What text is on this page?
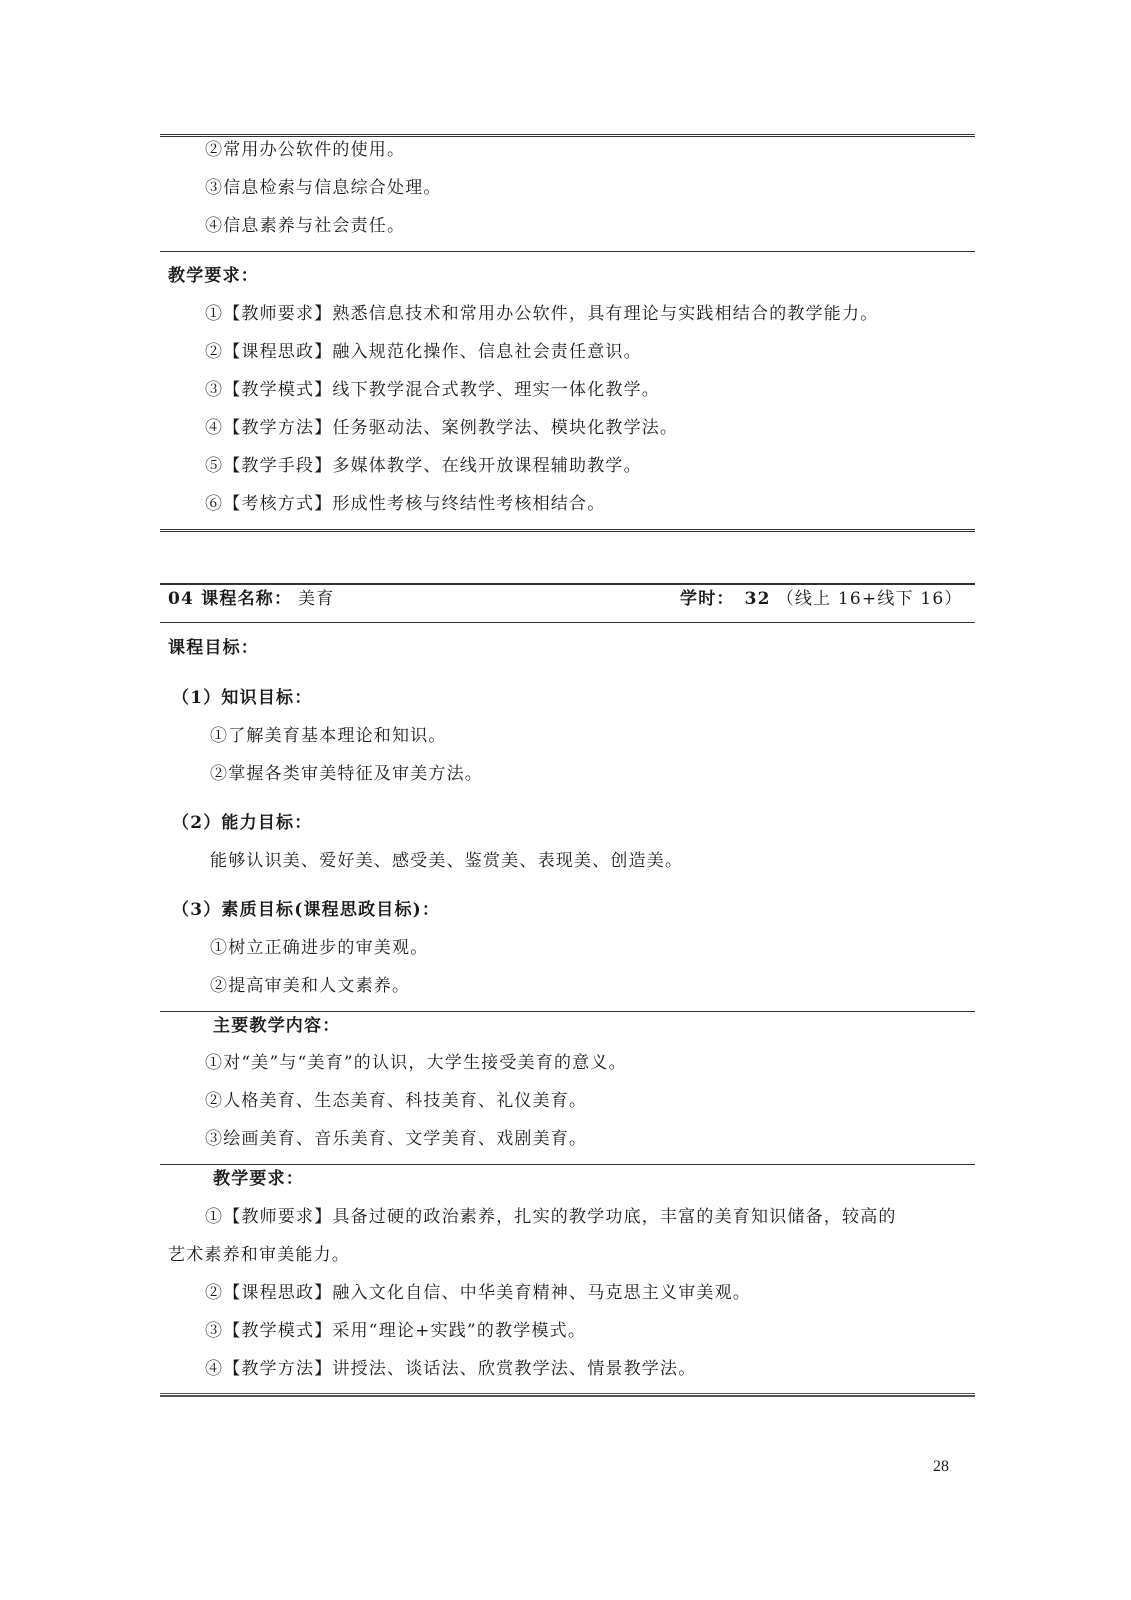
②常用办公软件的使用。
③信息检索与信息综合处理。
④信息素养与社会责任。
教学要求：
①【教师要求】熟悉信息技术和常用办公软件，具有理论与实践相结合的教学能力。
②【课程思政】融入规范化操作、信息社会责任意识。
③【教学模式】线下教学混合式教学、理实一体化教学。
④【教学方法】任务驱动法、案例教学法、模块化教学法。
⑤【教学手段】多媒体教学、在线开放课程辅助教学。
⑥【考核方式】形成性考核与终结性考核相结合。
04 课程名称： 美育	学时： 32 （线上 16+线下 16）
课程目标：
（1）知识目标：
①了解美育基本理论和知识。
②掌握各类审美特征及审美方法。
（2）能力目标：
能够认识美、爱好美、感受美、鉴赏美、表现美、创造美。
（3）素质目标(课程思政目标)：
①树立正确进步的审美观。
②提高审美和人文素养。
主要教学内容：
①对“美”与“美育”的认识，大学生接受美育的意义。
②人格美育、生态美育、科技美育、礼仪美育。
③绘画美育、音乐美育、文学美育、戏剧美育。
教学要求：
①【教师要求】具备过硬的政治素养，扎实的教学功底，丰富的美育知识储备，较高的
艺术素养和审美能力。
②【课程思政】融入文化自信、中华美育精神、马克思主义审美观。
③【教学模式】采用“理论+实践”的教学模式。
④【教学方法】讲授法、谈话法、欣赏教学法、情景教学法。
28
